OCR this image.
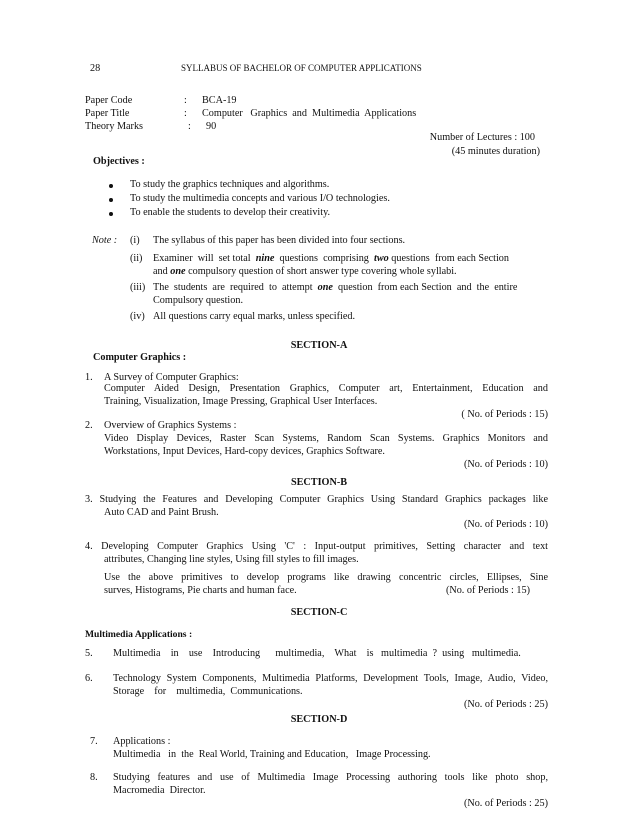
28	SYLLABUS OF BACHELOR OF COMPUTER APPLICATIONS
Paper Code	: BCA-19
Paper Title	: Computer   Graphics  and  Multimedia  Applications
Theory Marks	: 90
Number of Lectures : 100
(45 minutes duration)
Objectives :
To study the graphics techniques and algorithms.
To study the multimedia concepts and various I/O technologies.
To enable the students to develop their creativity.
Note : (i) The syllabus of this paper has been divided into four sections.
(ii) Examiner  will  set total  nine  questions  comprising  two questions  from each Section
and one compulsory question of short answer type covering whole syllabi.
(iii) The  students  are  required  to  attempt  one  question  from each Section  and  the  entire
Compulsory question.
(iv) All questions carry equal marks, unless specified.
SECTION-A
Computer Graphics :
1. A Survey of Computer Graphics:
Computer Aided Design, Presentation Graphics, Computer art, Entertainment, Education and
Training, Visualization, Image Pressing, Graphical User Interfaces.
( No. of Periods : 15)
2. Overview of Graphics Systems :
Video Display Devices, Raster Scan Systems, Random Scan Systems. Graphics Monitors and
Workstations, Input Devices, Hard-copy devices, Graphics Software.
(No. of Periods : 10)
SECTION-B
3. Studying the Features and Developing Computer Graphics Using Standard Graphics packages like
Auto CAD and Paint Brush.
(No. of Periods : 10)
4. Developing Computer Graphics Using 'C' : Input-output primitives, Setting character and text
attributes, Changing line styles, Using fill styles to fill images.
Use the above primitives to develop programs like drawing concentric circles, Ellipses, Sine
surves, Histograms, Pie charts and human face.	(No. of Periods : 15)
SECTION-C
Multimedia Applications :
5. Multimedia    in    use    Introducing      multimedia,    What    is   multimedia  ?  using   multimedia.
6. Technology System Components, Multimedia Platforms, Development Tools, Image, Audio, Video,
Storage    for    multimedia,  Communications.
(No. of Periods : 25)
SECTION-D
7. Applications :
Multimedia   in  the  Real World, Training and Education,   Image Processing.
8. Studying features and use of Multimedia Image Processing authoring tools like photo shop,
Macromedia  Director.
(No. of Periods : 25)
